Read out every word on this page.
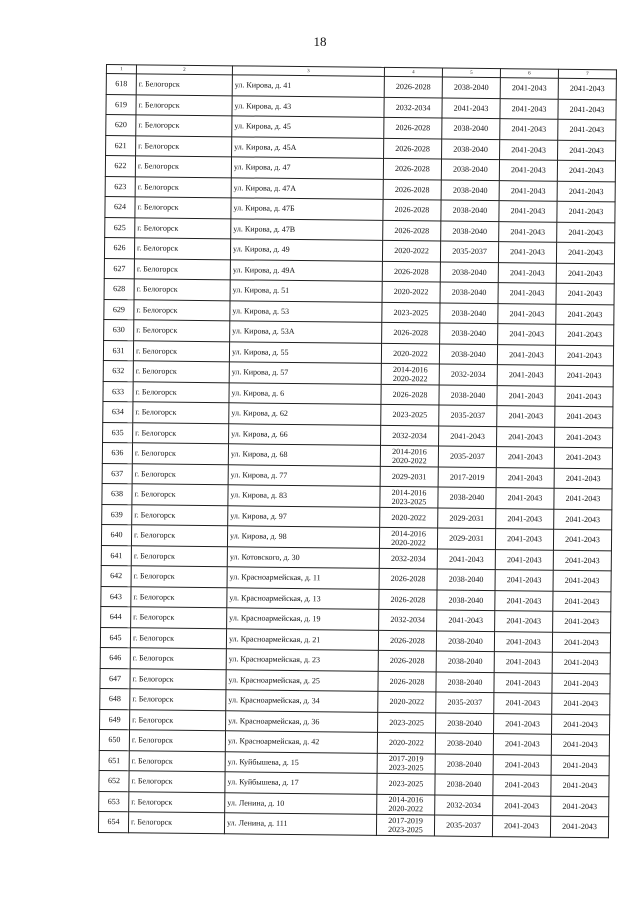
18
1	2	3	4	5	6	7
618	г. Белогорск	ул. Кирова, д. 41	2026-2028	2038-2040	2041-2043	2041-2043
619	г. Белогорск	ул. Кирова, д. 43	2032-2034	2041-2043	2041-2043	2041-2043
620	г. Белогорск	ул. Кирова, д. 45	2026-2028	2038-2040	2041-2043	2041-2043
621	г. Белогорск	ул. Кирова, д. 45А	2026-2028	2038-2040	2041-2043	2041-2043
622	г. Белогорск	ул. Кирова, д. 47	2026-2028	2038-2040	2041-2043	2041-2043
623	г. Белогорск	ул. Кирова, д. 47А	2026-2028	2038-2040	2041-2043	2041-2043
624	г. Белогорск	ул. Кирова, д. 47Б	2026-2028	2038-2040	2041-2043	2041-2043
625	г. Белогорск	ул. Кирова, д. 47В	2026-2028	2038-2040	2041-2043	2041-2043
626	г. Белогорск	ул. Кирова, д. 49	2020-2022	2035-2037	2041-2043	2041-2043
627	г. Белогорск	ул. Кирова, д. 49А	2026-2028	2038-2040	2041-2043	2041-2043
628	г. Белогорск	ул. Кирова, д. 51	2020-2022	2038-2040	2041-2043	2041-2043
629	г. Белогорск	ул. Кирова, д. 53	2023-2025	2038-2040	2041-2043	2041-2043
630	г. Белогорск	ул. Кирова, д. 53А	2026-2028	2038-2040	2041-2043	2041-2043
631	г. Белогорск	ул. Кирова, д. 55	2020-2022	2038-2040	2041-2043	2041-2043
632	г. Белогорск	ул. Кирова, д. 57	2014-2016
2020-2022	2032-2034	2041-2043	2041-2043
633	г. Белогорск	ул. Кирова, д. 6	2026-2028	2038-2040	2041-2043	2041-2043
634	г. Белогорск	ул. Кирова, д. 62	2023-2025	2035-2037	2041-2043	2041-2043
635	г. Белогорск	ул. Кирова, д. 66	2032-2034	2041-2043	2041-2043	2041-2043
636	г. Белогорск	ул. Кирова, д. 68	2014-2016
2020-2022	2035-2037	2041-2043	2041-2043
637	г. Белогорск	ул. Кирова, д. 77	2029-2031	2017-2019	2041-2043	2041-2043
638	г. Белогорск	ул. Кирова, д. 83	2014-2016
2023-2025	2038-2040	2041-2043	2041-2043
639	г. Белогорск	ул. Кирова, д. 97	2020-2022	2029-2031	2041-2043	2041-2043
640	г. Белогорск	ул. Кирова, д. 98	2014-2016
2020-2022	2029-2031	2041-2043	2041-2043
641	г. Белогорск	ул. Котовского, д. 30	2032-2034	2041-2043	2041-2043	2041-2043
642	г. Белогорск	ул. Красноармейская, д. 11	2026-2028	2038-2040	2041-2043	2041-2043
643	г. Белогорск	ул. Красноармейская, д. 13	2026-2028	2038-2040	2041-2043	2041-2043
644	г. Белогорск	ул. Красноармейская, д. 19	2032-2034	2041-2043	2041-2043	2041-2043
645	г. Белогорск	ул. Красноармейская, д. 21	2026-2028	2038-2040	2041-2043	2041-2043
646	г. Белогорск	ул. Красноармейская, д. 23	2026-2028	2038-2040	2041-2043	2041-2043
647	г. Белогорск	ул. Красноармейская, д. 25	2026-2028	2038-2040	2041-2043	2041-2043
648	г. Белогорск	ул. Красноармейская, д. 34	2020-2022	2035-2037	2041-2043	2041-2043
649	г. Белогорск	ул. Красноармейская, д. 36	2023-2025	2038-2040	2041-2043	2041-2043
650	г. Белогорск	ул. Красноармейская, д. 42	2020-2022	2038-2040	2041-2043	2041-2043
651	г. Белогорск	ул. Куйбышева, д. 15	2017-2019
2023-2025	2038-2040	2041-2043	2041-2043
652	г. Белогорск	ул. Куйбышева, д. 17	2023-2025	2038-2040	2041-2043	2041-2043
653	г. Белогорск	ул. Ленина, д. 10	2014-2016
2020-2022	2032-2034	2041-2043	2041-2043
654	г. Белогорск	ул. Ленина, д. 111	2017-2019
2023-2025	2035-2037	2041-2043	2041-2043
